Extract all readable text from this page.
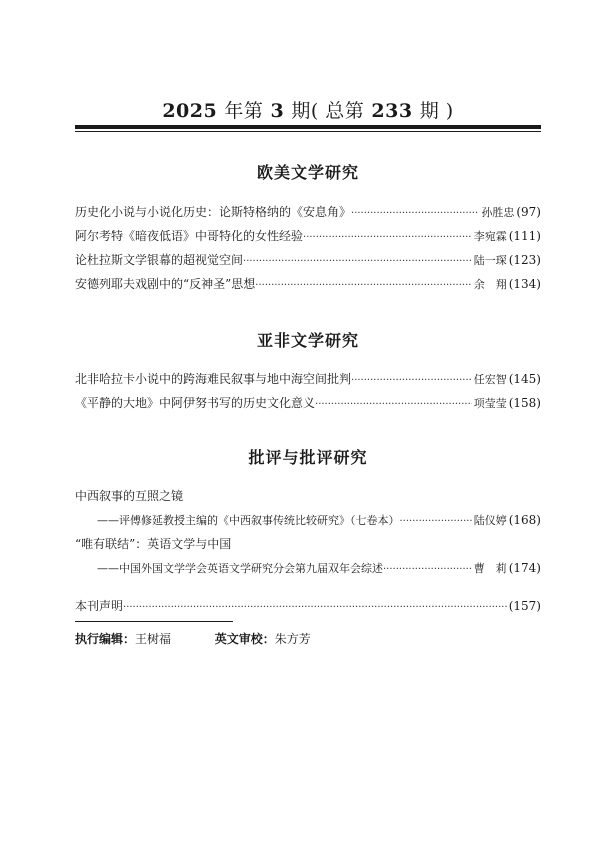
2025 年第 3 期( 总第 233 期 )
欧美文学研究
历史化小说与小说化历史：论斯特格纳的《安息角》 ·····	孙胜忠 (97)
阿尔考特《暗夜低语》中哥特化的女性经验 ·····	李宛霖 (111)
论杜拉斯文学银幕的超视觉空间 ·····	陆一琛 (123)
安德列耶夫戏剧中的“反神圣”思想 ·····	余　翔 (134)
亚非文学研究
北非哈拉卡小说中的跨海难民叙事与地中海空间批判 ·····	任宏智 (145)
《平静的大地》中阿伊努书写的历史文化意义 ·····	项莹莹 (158)
批评与批评研究
中西叙事的互照之镜
—— 评傅修延教授主编的《中西叙事传统比较研究》（七卷本） ·····	陆仪婷 (168)
“唯有联结”：英语文学与中国
—— 中国外国文学学会英语文学研究分会第九届双年会综述 ·····	曹　莉 (174)
本刊声明 ·····	(157)
执行编辑：王树福	英文审校：朱方芳
